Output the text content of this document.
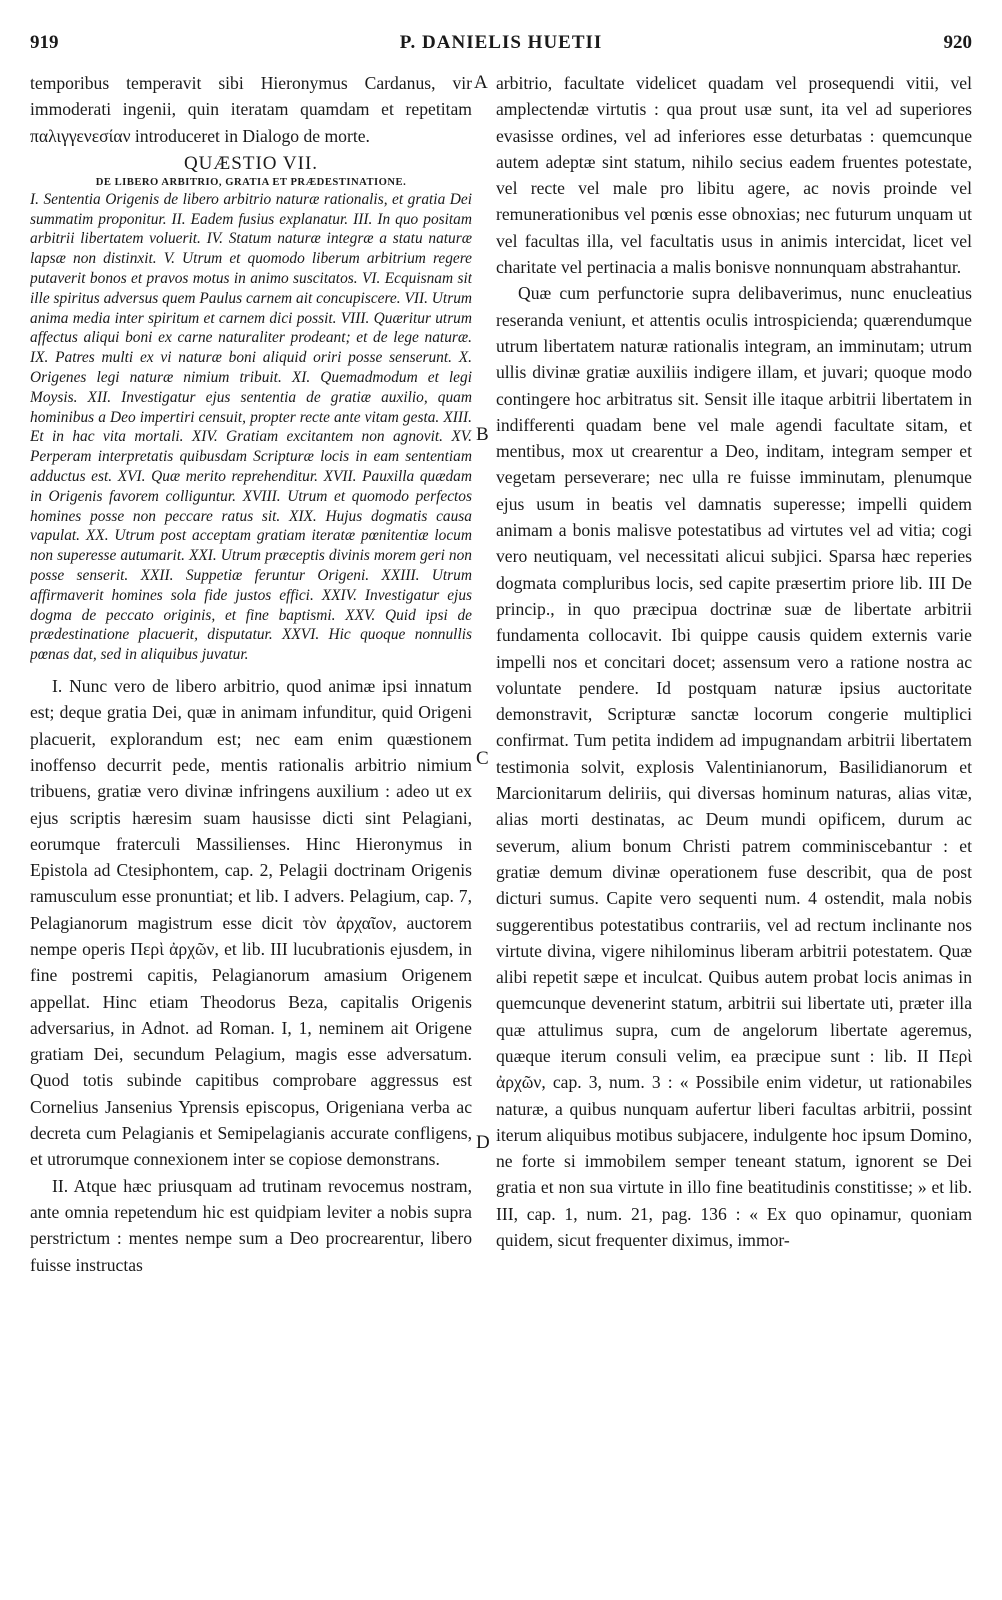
919	P. DANIELIS HUETII	920

temporibus temperavit sibi Hieronymus Cardanus, vir immoderati ingenii, quin iteratam quamdam et repetitam παλιγγενεσίαν introduceret in Dialogo de morte.

QUÆSTIO VII.
DE LIBERO ARBITRIO, GRATIA ET PRÆDESTINATIONE.
I. Sententia Origenis de libero arbitrio naturæ rationalis, et gratia Dei summatim proponitur. II. Eadem fusius explanatur. III. In quo positam arbitrii libertatem voluerit. IV. Statum naturæ integræ a statu naturæ lapsæ non distinxit. V. Utrum et quomodo liberum arbitrium regere putaverit bonos et pravos motus in animo suscitatos. VI. Ecquisnam sit ille spiritus adversus quem Paulus carnem ait concupiscere. VII. Utrum anima media inter spiritum et carnem dici possit. VIII. Quæritur utrum affectus aliqui boni ex carne naturaliter prodeant; et de lege naturæ. IX. Patres multi ex vi naturæ boni aliquid oriri posse senserunt. X. Origenes legi naturæ nimium tribuit. XI. Quemadmodum et legi Moysis. XII. Investigatur ejus sententia de gratiæ auxilio, quam hominibus a Deo impertiri censuit, propter recte ante vitam gesta. XIII. Et in hac vita mortali. XIV. Gratiam excitantem non agnovit. XV. Perperam interpretatis quibusdam Scripturæ locis in eam sententiam adductus est. XVI. Quæ merito reprehenditur. XVII. Pauxilla quædam in Origenis favorem colliguntur. XVIII. Utrum et quomodo perfectos homines posse non peccare ratus sit. XIX. Hujus dogmatis causa vapulat. XX. Utrum post acceptam gratiam iteratæ pœnitentiæ locum non superesse autumarit. XXI. Utrum præceptis divinis morem geri non posse senserit. XXII. Suppetiæ feruntur Origeni. XXIII. Utrum affirmaverit homines sola fide justos effici. XXIV. Investigatur ejus dogma de peccato originis, et fine baptismi. XXV. Quid ipsi de prædestinatione placuerit, disputatur. XXVI. Hic quoque nonnullis pœnas dat, sed in aliquibus juvatur.

I. Nunc vero de libero arbitrio, quod animæ ipsi innatum est; deque gratia Dei, quæ in animam infunditur, quid Origeni placuerit, explorandum est; nec eam enim quæstionem inoffenso decurrit pede, mentis rationalis arbitrio nimium tribuens, gratiæ vero divinæ infringens auxilium : adeo ut ex ejus scriptis hæresim suam hausisse dicti sint Pelagiani, eorumque fraterculi Massilienses. Hinc Hieronymus in Epistola ad Ctesiphontem, cap. 2, Pelagii doctrinam Origenis ramusculum esse pronuntiat; et lib. I advers. Pelagium, cap. 7, Pelagianorum magistrum esse dicit τὸν ἀρχαῖον, auctorem nempe operis Περὶ ἀρχῶν, et lib. III lucubrationis ejusdem, in fine postremi capitis, Pelagianorum amasium Origenem appellat. Hinc etiam Theodorus Beza, capitalis Origenis adversarius, in Adnot. ad Roman. I, 1, neminem ait Origene gratiam Dei, secundum Pelagium, magis esse adversatum. Quod totis subinde capitibus comprobare aggressus est Cornelius Jansenius Yprensis episcopus, Origeniana verba ac decreta cum Pelagianis et Semipelagianis accurate confligens, et utrorumque connexionem inter se copiose demonstrans.

II. Atque hæc priusquam ad trutinam revocemus nostram, ante omnia repetendum hic est quidpiam leviter a nobis supra perstrictum : mentes nempe sum a Deo procrearentur, libero fuisse instructas

A
B
C
D

arbitrio, facultate videlicet quadam vel prosequendi vitii, vel amplectendæ virtutis : qua prout usæ sunt, ita vel ad superiores evasisse ordines, vel ad inferiores esse deturbatas : quemcunque autem adeptæ sint statum, nihilo secius eadem fruentes potestate, vel recte vel male pro libitu agere, ac novis proinde vel remunerationibus vel pœnis esse obnoxias; nec futurum unquam ut vel facultas illa, vel facultatis usus in animis intercidat, licet vel charitate vel pertinacia a malis bonisve nonnunquam abstrahantur.

Quæ cum perfunctorie supra delibaverimus, nunc enucleatius reseranda veniunt, et attentis oculis introspicienda; quærendumque utrum libertatem naturæ rationalis integram, an imminutam; utrum ullis divinæ gratiæ auxiliis indigere illam, et juvari; quoque modo contingere hoc arbitratus sit. Sensit ille itaque arbitrii libertatem in indifferenti quadam bene vel male agendi facultate sitam, et mentibus, mox ut crearentur a Deo, inditam, integram semper et vegetam perseverare; nec ulla re fuisse imminutam, plenumque ejus usum in beatis vel damnatis superesse; impelli quidem animam a bonis malisve potestatibus ad virtutes vel ad vitia; cogi vero neutiquam, vel necessitati alicui subjici. Sparsa hæc reperies dogmata compluribus locis, sed capite præsertim priore lib. III De princip., in quo præcipua doctrinæ suæ de libertate arbitrii fundamenta collocavit. Ibi quippe causis quidem externis varie impelli nos et concitari docet; assensum vero a ratione nostra ac voluntate pendere. Id postquam naturæ ipsius auctoritate demonstravit, Scripturæ sanctæ locorum congerie multiplici confirmat. Tum petita indidem ad impugnandam arbitrii libertatem testimonia solvit, explosis Valentinianorum, Basilidianorum et Marcionitarum deliriis, qui diversas hominum naturas, alias vitæ, alias morti destinatas, ac Deum mundi opificem, durum ac severum, alium bonum Christi patrem comminiscebantur : et gratiæ demum divinæ operationem fuse describit, qua de post dicturi sumus. Capite vero sequenti num. 4 ostendit, mala nobis suggerentibus potestatibus contrariis, vel ad rectum inclinante nos virtute divina, vigere nihilominus liberam arbitrii potestatem. Quæ alibi repetit sæpe et inculcat. Quibus autem probat locis animas in quemcunque devenerint statum, arbitrii sui libertate uti, præter illa quæ attulimus supra, cum de angelorum libertate ageremus, quæque iterum consuli velim, ea præcipue sunt : lib. II Περὶ ἀρχῶν, cap. 3, num. 3 : « Possibile enim videtur, ut rationabiles naturæ, a quibus nunquam aufertur liberi facultas arbitrii, possint iterum aliquibus motibus subjacere, indulgente hoc ipsum Domino, ne forte si immobilem semper teneant statum, ignorent se Dei gratia et non sua virtute in illo fine beatitudinis constitisse; » et lib. III, cap. 1, num. 21, pag. 136 : « Ex quo opinamur, quoniam quidem, sicut frequenter diximus, immor-
